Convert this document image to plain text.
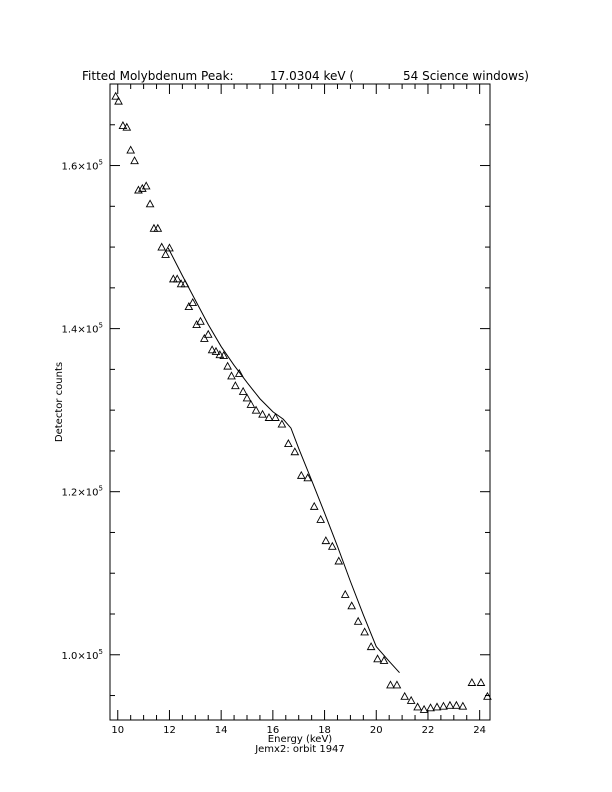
Fitted Molybdenum Peak:	17.0304 keV (	54 Science windows)
10	12	14	16	18	20	22	24
$1.0\times 10^5$
$1.2\times 10^5$
$1.4\times 10^5$
$1.6\times 10^5$
Energy (keV)
Detector counts
Jemx2: orbit 1947
